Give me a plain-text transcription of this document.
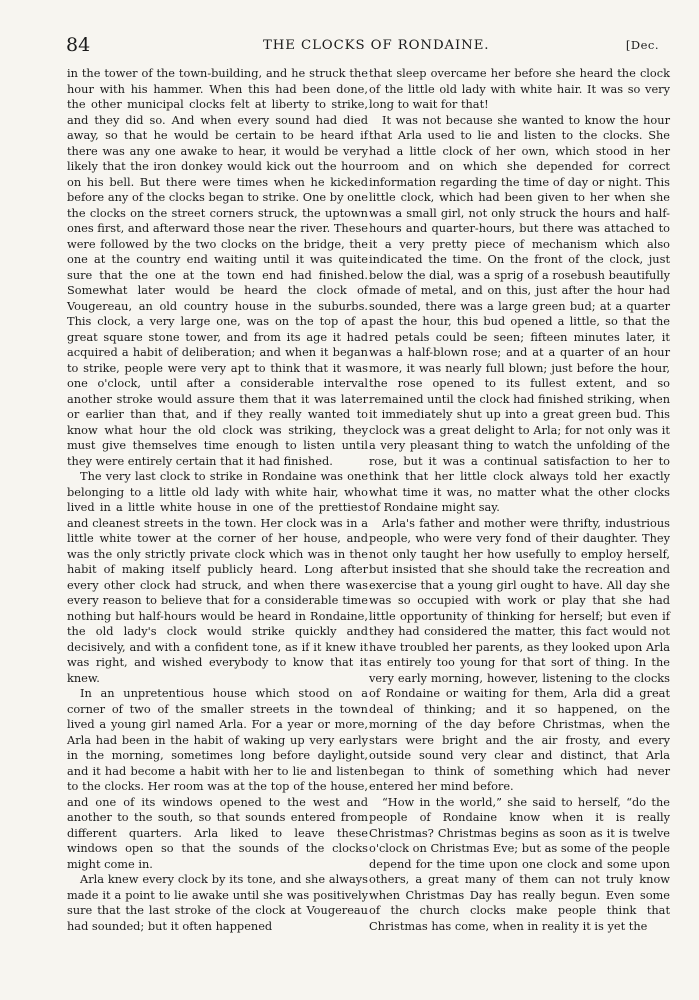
84	THE CLOCKS OF RONDAINE.	[Dec.

in the tower of the town-building, and he struck the hour with his hammer. When this had been done, the other municipal clocks felt at liberty to strike, and they did so. And when every sound had died away, so that he would be certain to be heard if there was any one awake to hear, it would be very likely that the iron donkey would kick out the hour on his bell. But there were times when he kicked before any of the clocks began to strike. One by one the clocks on the street corners struck, the uptown ones first, and afterward those near the river. These were followed by the two clocks on the bridge, the one at the country end waiting until it was quite sure that the one at the town end had finished. Somewhat later would be heard the clock of Vougereau, an old country house in the suburbs. This clock, a very large one, was on the top of a great square stone tower, and from its age it had acquired a habit of deliberation; and when it began to strike, people were very apt to think that it was one o'clock, until after a considerable interval another stroke would assure them that it was later or earlier than that, and if they really wanted to know what hour the old clock was striking, they must give themselves time enough to listen until they were entirely certain that it had finished.

The very last clock to strike in Rondaine was one belonging to a little old lady with white hair, who lived in a little white house in one of the prettiest and cleanest streets in the town. Her clock was in a little white tower at the corner of her house, and was the only strictly private clock which was in the habit of making itself publicly heard. Long after every other clock had struck, and when there was every reason to believe that for a considerable time nothing but half-hours would be heard in Rondaine, the old lady's clock would strike quickly and decisively, and with a confident tone, as if it knew it was right, and wished everybody to know that it knew.

In an unpretentious house which stood on a corner of two of the smaller streets in the town lived a young girl named Arla. For a year or more, Arla had been in the habit of waking up very early in the morning, sometimes long before daylight, and it had become a habit with her to lie and listen to the clocks. Her room was at the top of the house, and one of its windows opened to the west and another to the south, so that sounds entered from different quarters. Arla liked to leave these windows open so that the sounds of the clocks might come in.

Arla knew every clock by its tone, and she always made it a point to lie awake until she was positively sure that the last stroke of the clock at Vougereau had sounded; but it often happened

that sleep overcame her before she heard the clock of the little old lady with white hair. It was so very long to wait for that!

It was not because she wanted to know the hour that Arla used to lie and listen to the clocks. She had a little clock of her own, which stood in her room and on which she depended for correct information regarding the time of day or night. This little clock, which had been given to her when she was a small girl, not only struck the hours and half-hours and quarter-hours, but there was attached to it a very pretty piece of mechanism which also indicated the time. On the front of the clock, just below the dial, was a sprig of a rosebush beautifully made of metal, and on this, just after the hour had sounded, there was a large green bud; at a quarter past the hour, this bud opened a little, so that the red petals could be seen; fifteen minutes later, it was a half-blown rose; and at a quarter of an hour more, it was nearly full blown; just before the hour, the rose opened to its fullest extent, and so remained until the clock had finished striking, when it immediately shut up into a great green bud. This clock was a great delight to Arla; for not only was it a very pleasant thing to watch the unfolding of the rose, but it was a continual satisfaction to her to think that her little clock always told her exactly what time it was, no matter what the other clocks of Rondaine might say.

Arla's father and mother were thrifty, industrious people, who were very fond of their daughter. They not only taught her how usefully to employ herself, but insisted that she should take the recreation and exercise that a young girl ought to have. All day she was so occupied with work or play that she had little opportunity of thinking for herself; but even if they had considered the matter, this fact would not have troubled her parents, as they looked upon Arla as entirely too young for that sort of thing. In the very early morning, however, listening to the clocks of Rondaine or waiting for them, Arla did a great deal of thinking; and it so happened, on the morning of the day before Christmas, when the stars were bright and the air frosty, and every outside sound very clear and distinct, that Arla began to think of something which had never entered her mind before.

“How in the world,” she said to herself, “do the people of Rondaine know when it is really Christmas? Christmas begins as soon as it is twelve o'clock on Christmas Eve; but as some of the people depend for the time upon one clock and some upon others, a great many of them can not truly know when Christmas Day has really begun. Even some of the church clocks make people think that Christmas has come, when in reality it is yet the
